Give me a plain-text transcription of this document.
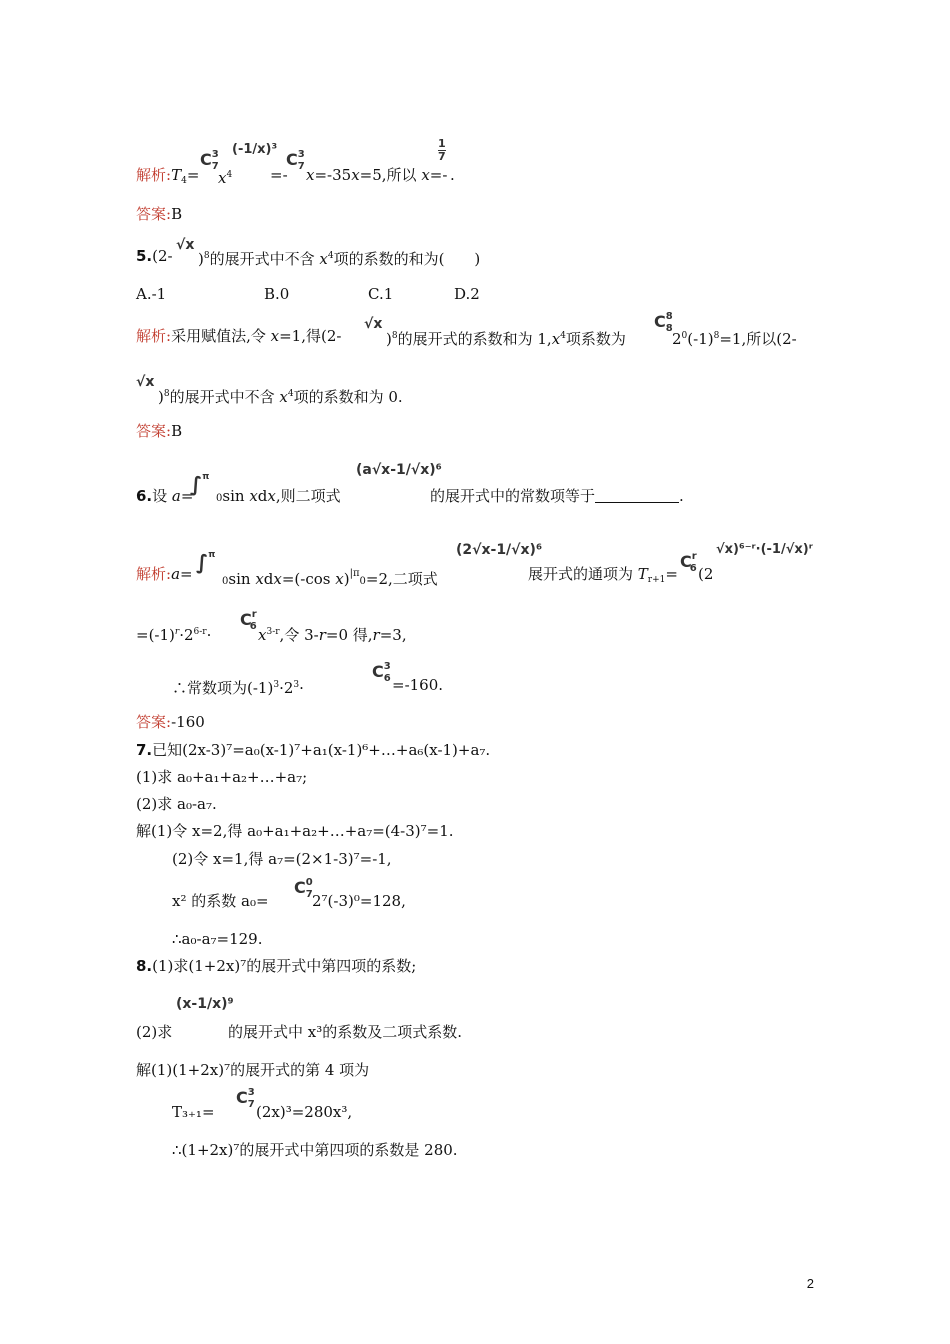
解析$:T_4=$
C37
$x^4$
(-1/x)³
=-
C37 x=-35x=5,所以 x=-
1
7
.
答案:B
5.(2-
√x
)$^8$的展开式中不含 $x^4$项的系数的和为(　　)
A.-1	B.0	C.1	D.2
解析:采用赋值法,令 x=1,得(2-
√x
)$^8$的展开式的系数和为 $1,x^4$项系数为
C88
$2^0(-1)^8=1$,所以(2-
√x
)$^8$的展开式中不含 $x^4$项的系数和为 0.
答案:B
6.设 a=
∫$^\pi$
0sin xdx,则二项式
(a√x-1/√x)⁶
的展开式中的常数项等于	.
解析:a= ∫$^\pi$
0sin xdx=(-cos x)$^{|\pi}$0=2,二项式
(2√x-1/√x)⁶
展开式的通项为 $T_{r+1}=$
Cr6 (2
√x)⁶⁻ʳ·(-1/√x)ʳ
$=(-1)^r\cdot 2^{6-r}\cdot$
Cr6 $x^{3-r}$,令 3-r=0 得,r=3,
∴常数项为$(-1)^3\cdot 2^3\cdot$
C36 =-160.
答案:-160
7.已知(2x-3)⁷=a₀(x-1)⁷+a₁(x-1)⁶+…+a₆(x-1)+a₇.
(1)求 a₀+a₁+a₂+…+a₇;
(2)求 a₀-a₇.
解(1)令 x=2,得 a₀+a₁+a₂+…+a₇=(4-3)⁷=1.
(2)令 x=1,得 a₇=(2×1-3)⁷=-1,
x² 的系数 a₀=
C07 2⁷(-3)⁰=128,
∴a₀-a₇=129.
8.(1)求(1+2x)⁷的展开式中第四项的系数;
(x-1/x)⁹
(2)求	的展开式中 x³的系数及二项式系数.
解(1)(1+2x)⁷的展开式的第 4 项为
T₃₊₁=
C37 (2x)³=280x³,
∴(1+2x)⁷的展开式中第四项的系数是 280.
2
